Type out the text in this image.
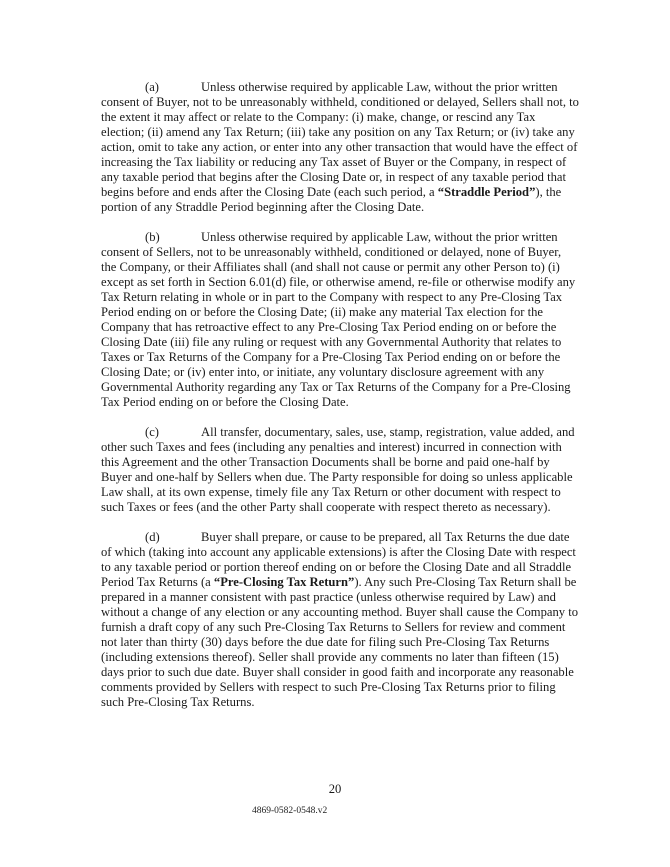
(a)	Unless otherwise required by applicable Law, without the prior written consent of Buyer, not to be unreasonably withheld, conditioned or delayed, Sellers shall not, to the extent it may affect or relate to the Company: (i) make, change, or rescind any Tax election; (ii) amend any Tax Return; (iii) take any position on any Tax Return; or (iv) take any action, omit to take any action, or enter into any other transaction that would have the effect of increasing the Tax liability or reducing any Tax asset of Buyer or the Company, in respect of any taxable period that begins after the Closing Date or, in respect of any taxable period that begins before and ends after the Closing Date (each such period, a “Straddle Period”), the portion of any Straddle Period beginning after the Closing Date.

(b)	Unless otherwise required by applicable Law, without the prior written consent of Sellers, not to be unreasonably withheld, conditioned or delayed, none of Buyer, the Company, or their Affiliates shall (and shall not cause or permit any other Person to) (i) except as set forth in Section 6.01(d) file, or otherwise amend, re-file or otherwise modify any Tax Return relating in whole or in part to the Company with respect to any Pre-Closing Tax Period ending on or before the Closing Date; (ii) make any material Tax election for the Company that has retroactive effect to any Pre-Closing Tax Period ending on or before the Closing Date (iii) file any ruling or request with any Governmental Authority that relates to Taxes or Tax Returns of the Company for a Pre-Closing Tax Period ending on or before the Closing Date; or (iv) enter into, or initiate, any voluntary disclosure agreement with any Governmental Authority regarding any Tax or Tax Returns of the Company for a Pre-Closing Tax Period ending on or before the Closing Date.

(c)	All transfer, documentary, sales, use, stamp, registration, value added, and other such Taxes and fees (including any penalties and interest) incurred in connection with this Agreement and the other Transaction Documents shall be borne and paid one-half by Buyer and one-half by Sellers when due. The Party responsible for doing so unless applicable Law shall, at its own expense, timely file any Tax Return or other document with respect to such Taxes or fees (and the other Party shall cooperate with respect thereto as necessary).

(d)	Buyer shall prepare, or cause to be prepared, all Tax Returns the due date of which (taking into account any applicable extensions) is after the Closing Date with respect to any taxable period or portion thereof ending on or before the Closing Date and all Straddle Period Tax Returns (a “Pre-Closing Tax Return”). Any such Pre-Closing Tax Return shall be prepared in a manner consistent with past practice (unless otherwise required by Law) and without a change of any election or any accounting method. Buyer shall cause the Company to furnish a draft copy of any such Pre-Closing Tax Returns to Sellers for review and comment not later than thirty (30) days before the due date for filing such Pre-Closing Tax Returns (including extensions thereof). Seller shall provide any comments no later than fifteen (15) days prior to such due date. Buyer shall consider in good faith and incorporate any reasonable comments provided by Sellers with respect to such Pre-Closing Tax Returns prior to filing such Pre-Closing Tax Returns.

20
4869-0582-0548.v2
